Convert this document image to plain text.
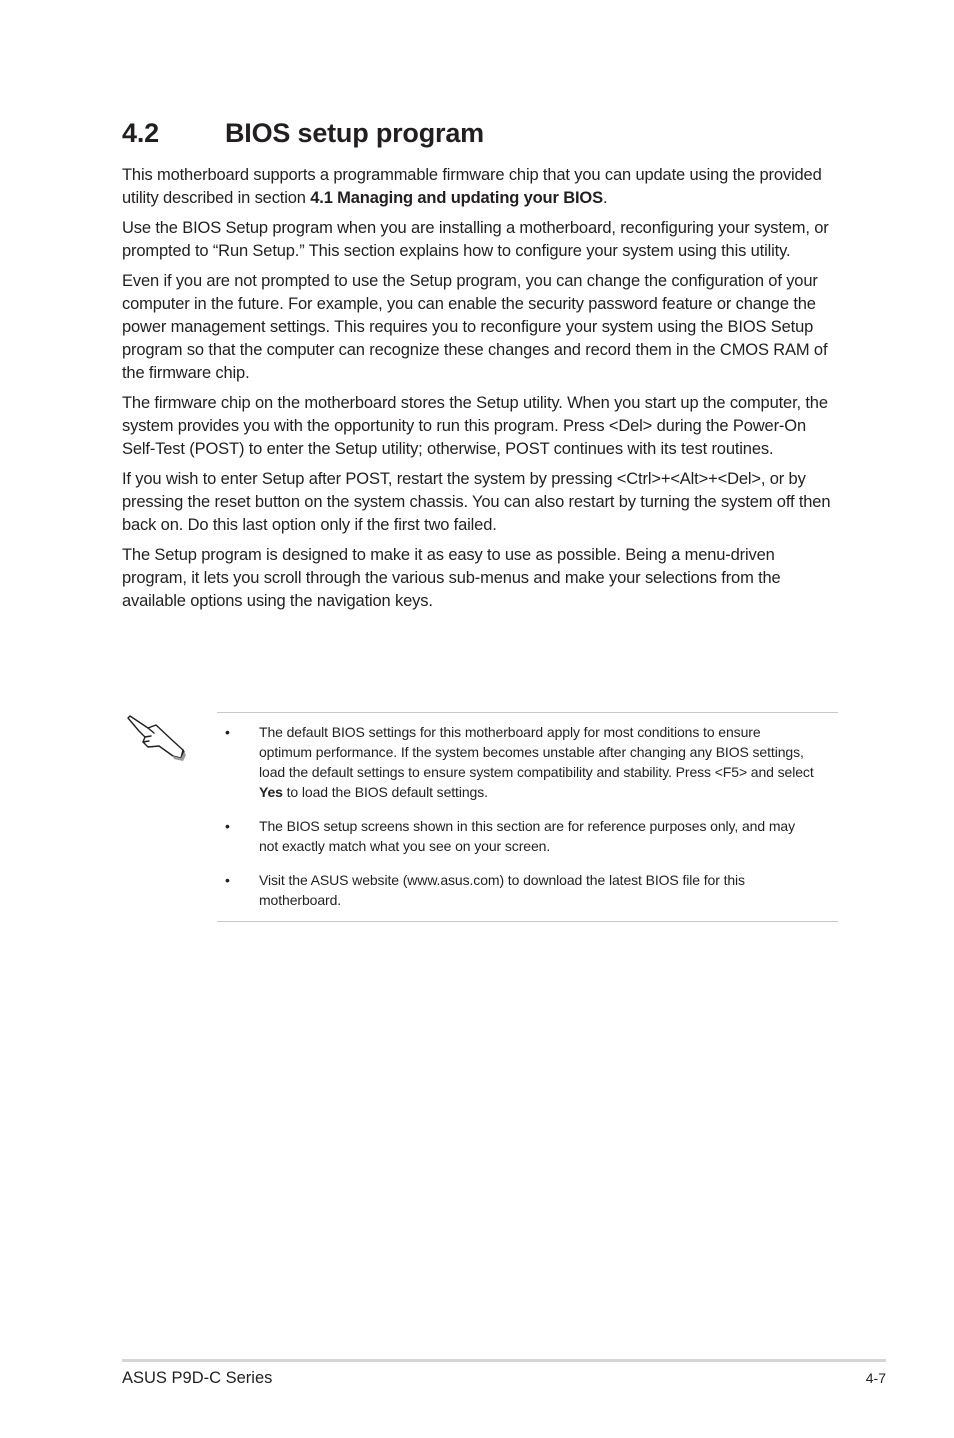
4.2 BIOS setup program

This motherboard supports a programmable firmware chip that you can update using the provided utility described in section 4.1 Managing and updating your BIOS.

Use the BIOS Setup program when you are installing a motherboard, reconfiguring your system, or prompted to “Run Setup.” This section explains how to configure your system using this utility.

Even if you are not prompted to use the Setup program, you can change the configuration of your computer in the future. For example, you can enable the security password feature or change the power management settings. This requires you to reconfigure your system using the BIOS Setup program so that the computer can recognize these changes and record them in the CMOS RAM of the firmware chip.

The firmware chip on the motherboard stores the Setup utility. When you start up the computer, the system provides you with the opportunity to run this program. Press <Del> during the Power-On Self-Test (POST) to enter the Setup utility; otherwise, POST continues with its test routines.

If you wish to enter Setup after POST, restart the system by pressing <Ctrl>+<Alt>+<Del>, or by pressing the reset button on the system chassis. You can also restart by turning the system off then back on. Do this last option only if the first two failed.

The Setup program is designed to make it as easy to use as possible. Being a menu-driven program, it lets you scroll through the various sub-menus and make your selections from the available options using the navigation keys.

• The default BIOS settings for this motherboard apply for most conditions to ensure optimum performance. If the system becomes unstable after changing any BIOS settings, load the default settings to ensure system compatibility and stability. Press <F5> and select Yes to load the BIOS default settings.
• The BIOS setup screens shown in this section are for reference purposes only, and may not exactly match what you see on your screen.
• Visit the ASUS website (www.asus.com) to download the latest BIOS file for this motherboard.
ASUS P9D-C Series	4-7
